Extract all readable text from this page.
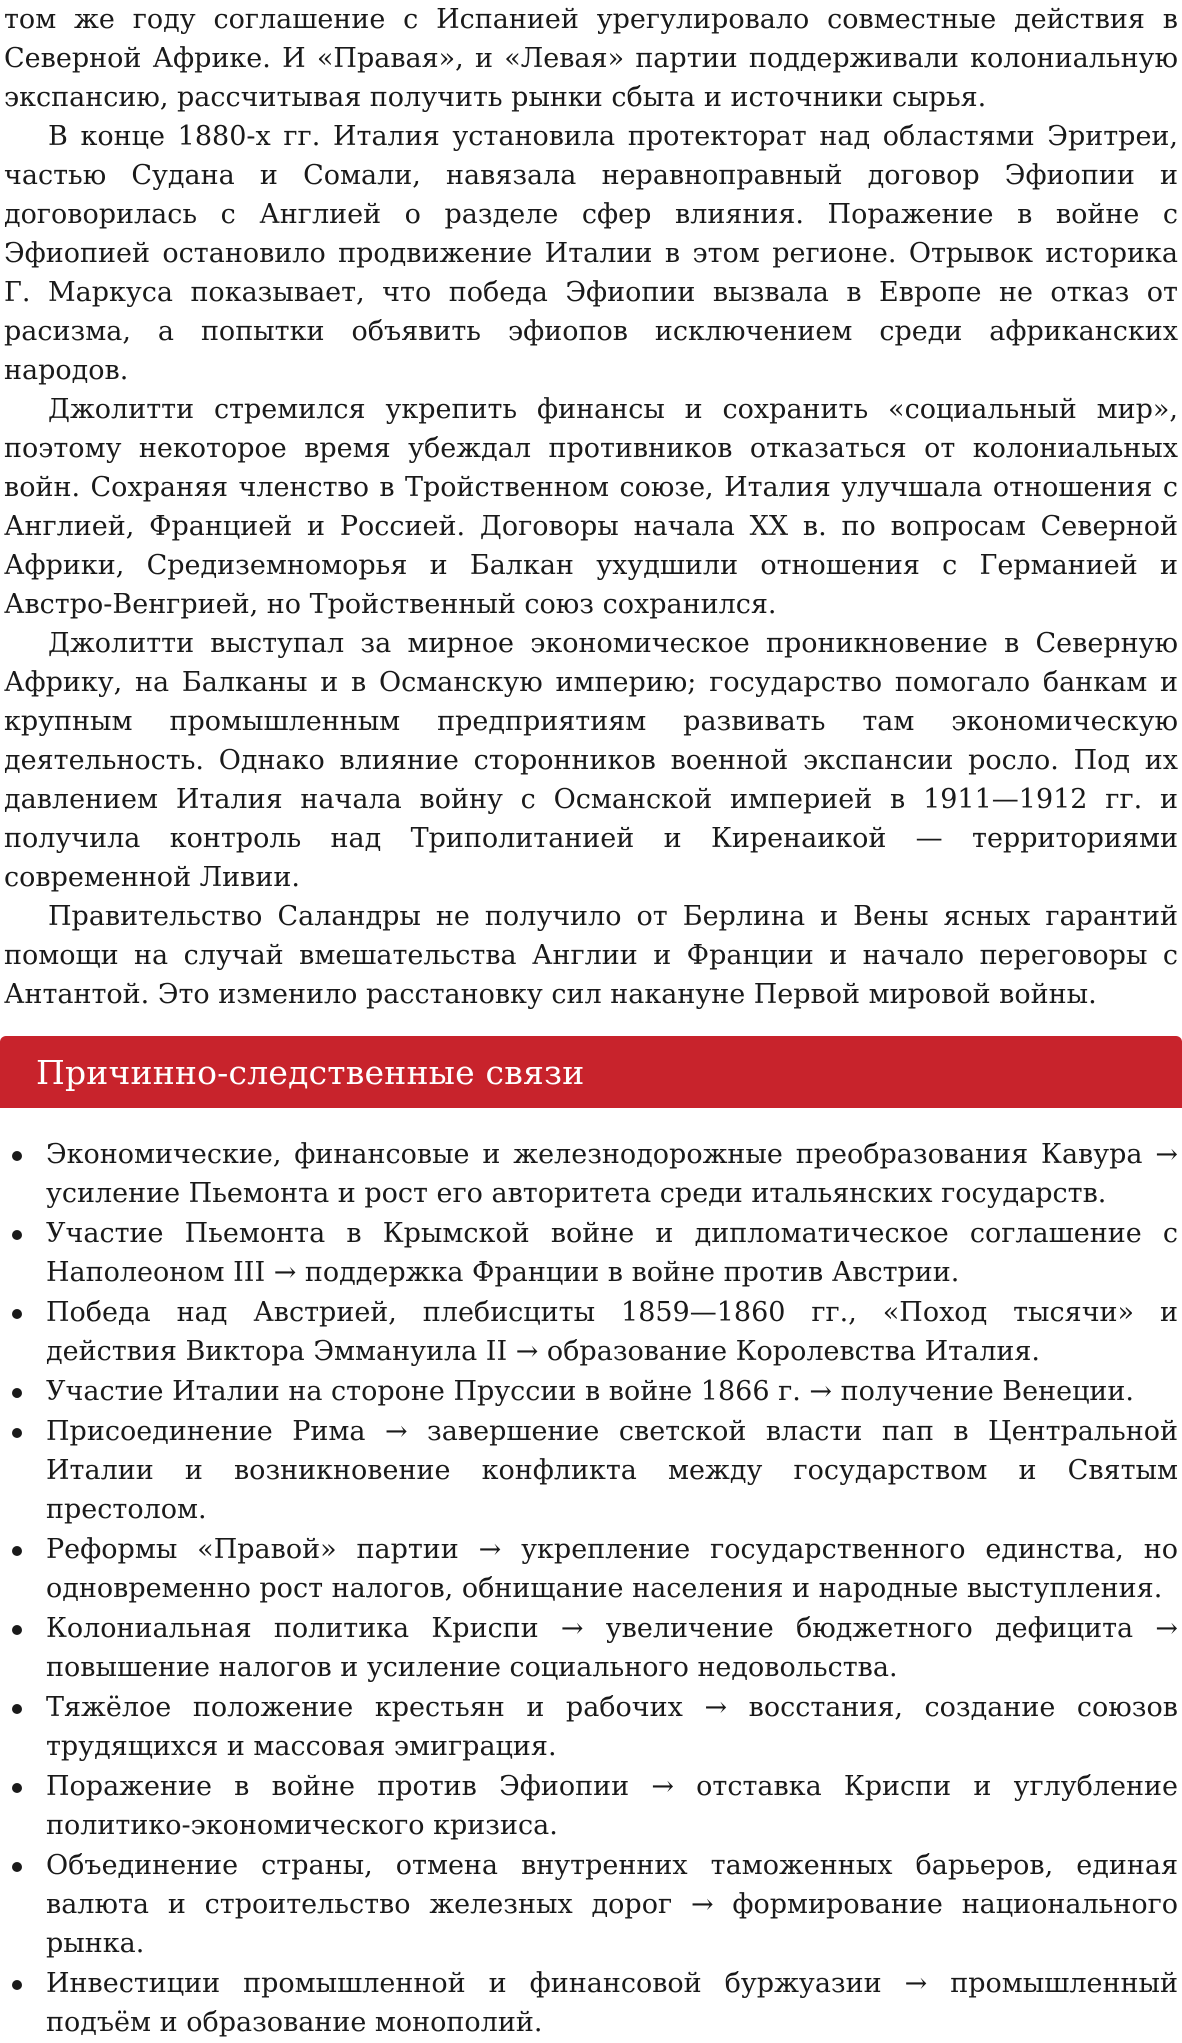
том же году соглашение с Испанией урегулировало совместные действия в Северной Африке. И «Правая», и «Левая» партии поддерживали колониальную экспансию, рассчитывая получить рынки сбыта и источники сырья.

В конце 1880-х гг. Италия установила протекторат над областями Эритреи, частью Судана и Сомали, навязала неравноправный договор Эфиопии и договорилась с Англией о разделе сфер влияния. Поражение в войне с Эфиопией остановило продвижение Италии в этом регионе. Отрывок историка Г. Маркуса показывает, что победа Эфиопии вызвала в Европе не отказ от расизма, а попытки объявить эфиопов исключением среди африканских народов.

Джолитти стремился укрепить финансы и сохранить «социальный мир», поэтому некоторое время убеждал противников отказаться от колониальных войн. Сохраняя членство в Тройственном союзе, Италия улучшала отношения с Англией, Францией и Россией. Договоры начала XX в. по вопросам Северной Африки, Средиземноморья и Балкан ухудшили отношения с Германией и Австро-Венгрией, но Тройственный союз сохранился.

Джолитти выступал за мирное экономическое проникновение в Северную Африку, на Балканы и в Османскую империю; государство помогало банкам и крупным промышленным предприятиям развивать там экономическую деятельность. Однако влияние сторонников военной экспансии росло. Под их давлением Италия начала войну с Османской империей в 1911—1912 гг. и получила контроль над Триполитанией и Киренаикой — территориями современной Ливии.

Правительство Саландры не получило от Берлина и Вены ясных гарантий помощи на случай вмешательства Англии и Франции и начало переговоры с Антантой. Это изменило расстановку сил накануне Первой мировой войны.

Причинно-следственные связи
Экономические, финансовые и железнодорожные преобразования Кавура → усиление Пьемонта и рост его авторитета среди итальянских государств.
Участие Пьемонта в Крымской войне и дипломатическое соглашение с Наполеоном III → поддержка Франции в войне против Австрии.
Победа над Австрией, плебисциты 1859—1860 гг., «Поход тысячи» и действия Виктора Эммануила II → образование Королевства Италия.
Участие Италии на стороне Пруссии в войне 1866 г. → получение Венеции.
Присоединение Рима → завершение светской власти пап в Центральной Италии и возникновение конфликта между государством и Святым престолом.
Реформы «Правой» партии → укрепление государственного единства, но одновременно рост налогов, обнищание населения и народные выступления.
Колониальная политика Криспи → увеличение бюджетного дефицита → повышение налогов и усиление социального недовольства.
Тяжёлое положение крестьян и рабочих → восстания, создание союзов трудящихся и массовая эмиграция.
Поражение в войне против Эфиопии → отставка Криспи и углубление политико-экономического кризиса.
Объединение страны, отмена внутренних таможенных барьеров, единая валюта и строительство железных дорог → формирование национального рынка.
Инвестиции промышленной и финансовой буржуазии → промышленный подъём и образование монополий.
